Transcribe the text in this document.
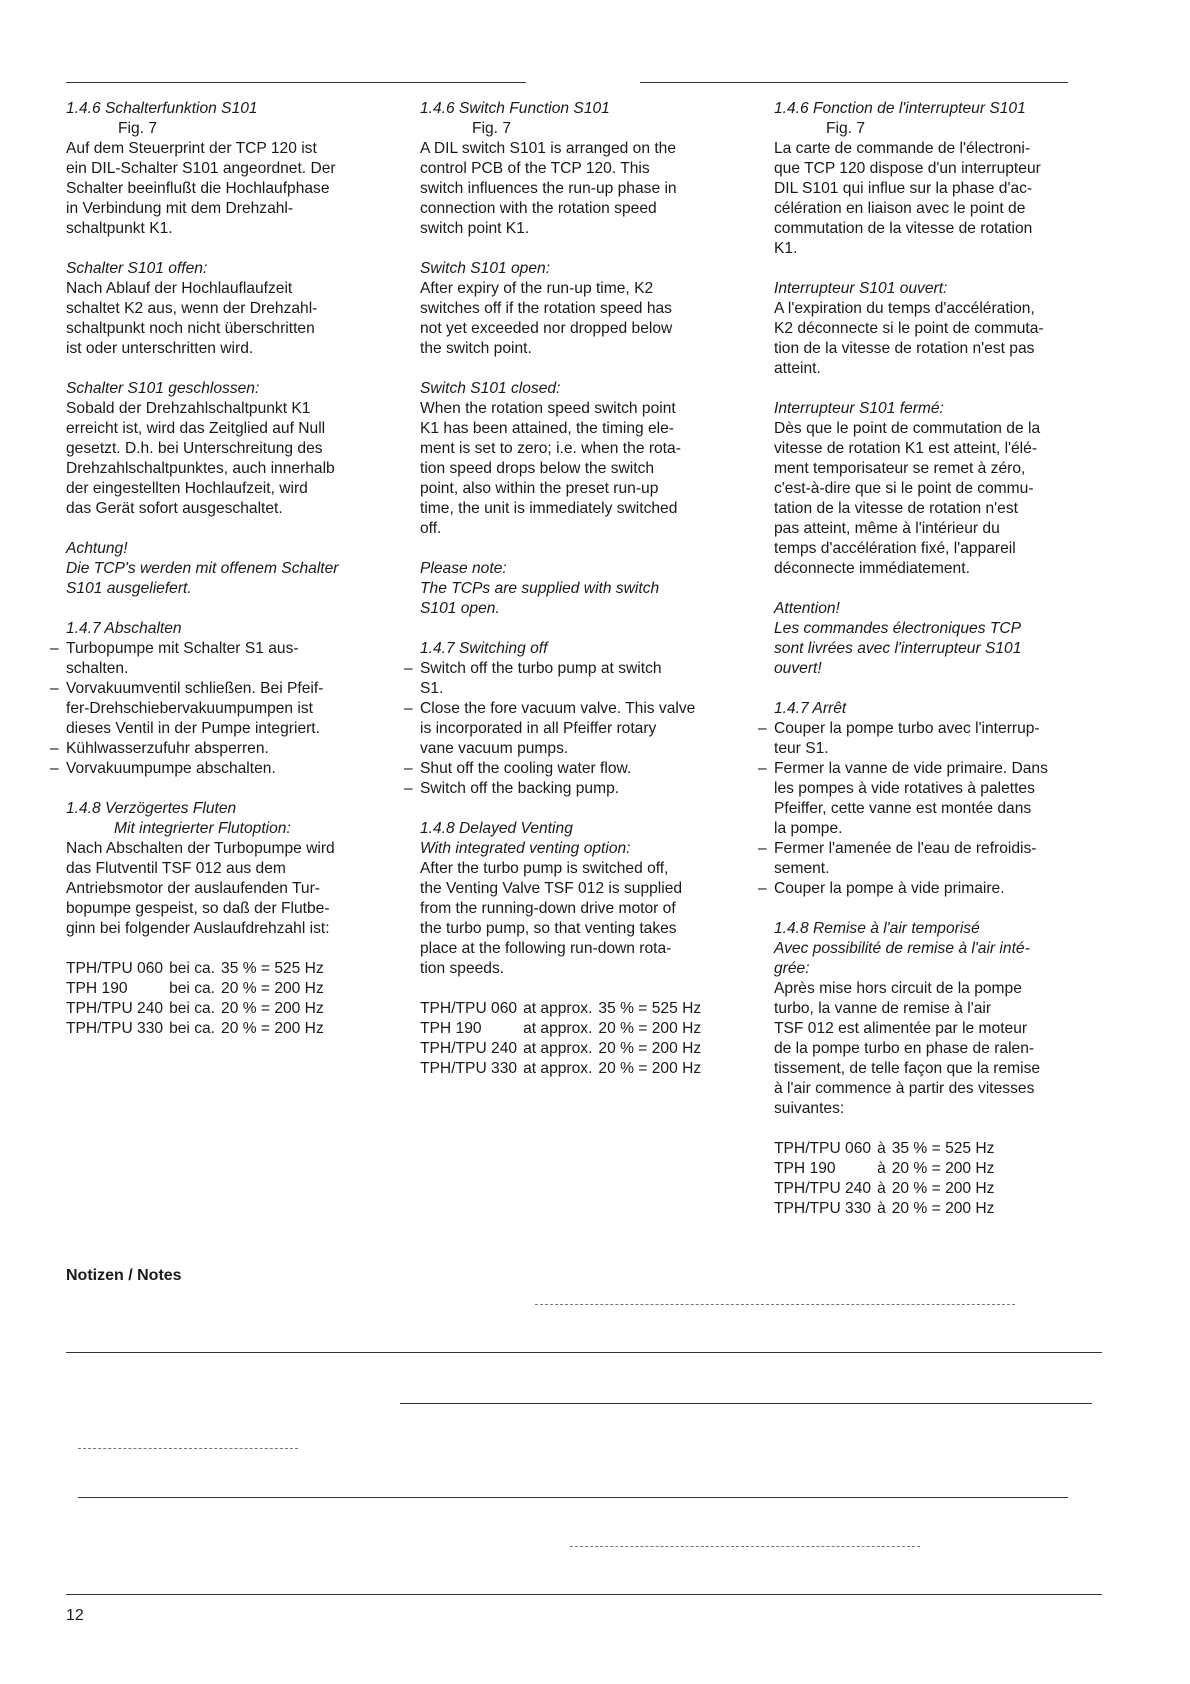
1.4.6 Schalterfunktion S101

Fig. 7

Auf dem Steuerprint der TCP 120 ist

ein DIL-Schalter S101 angeordnet. Der

Schalter beeinflußt die Hochlaufphase

in Verbindung mit dem Drehzahl-

schaltpunkt K1.

Schalter S101 offen:

Nach Ablauf der Hochlauflaufzeit

schaltet K2 aus, wenn der Drehzahl-

schaltpunkt noch nicht überschritten

ist oder unterschritten wird.

Schalter S101 geschlossen:

Sobald der Drehzahlschaltpunkt K1

erreicht ist, wird das Zeitglied auf Null

gesetzt. D.h. bei Unterschreitung des

Drehzahlschaltpunktes, auch innerhalb

der eingestellten Hochlaufzeit, wird

das Gerät sofort ausgeschaltet.

Achtung!

Die TCP's werden mit offenem Schalter

S101 ausgeliefert.

1.4.7 Abschalten

– Turbopumpe mit Schalter S1 aus-
schalten.
– Vorvakuumventil schließen. Bei Pfeif-
fer-Drehschiebervakuumpumpen ist
dieses Ventil in der Pumpe integriert.
– Kühlwasserzufuhr absperren.
– Vorvakuumpumpe abschalten.

1.4.8 Verzögertes Fluten

Mit integrierter Flutoption:

Nach Abschalten der Turbopumpe wird

das Flutventil TSF 012 aus dem

Antriebsmotor der auslaufenden Tur-

bopumpe gespeist, so daß der Flutbe-

ginn bei folgender Auslaufdrehzahl ist:

TPH/TPU 060	bei ca.	35 % = 525 Hz
TPH 190	bei ca.	20 % = 200 Hz
TPH/TPU 240	bei ca.	20 % = 200 Hz
TPH/TPU 330	bei ca.	20 % = 200 Hz

1.4.6 Switch Function S101

Fig. 7

A DIL switch S101 is arranged on the

control PCB of the TCP 120. This

switch influences the run-up phase in

connection with the rotation speed

switch point K1.

Switch S101 open:

After expiry of the run-up time, K2

switches off if the rotation speed has

not yet exceeded nor dropped below

the switch point.

Switch S101 closed:

When the rotation speed switch point

K1 has been attained, the timing ele-

ment is set to zero; i.e. when the rota-

tion speed drops below the switch

point, also within the preset run-up

time, the unit is immediately switched

off.

Please note:

The TCPs are supplied with switch

S101 open.

1.4.7 Switching off

– Switch off the turbo pump at switch
S1.
– Close the fore vacuum valve. This valve
is incorporated in all Pfeiffer rotary
vane vacuum pumps.
– Shut off the cooling water flow.
– Switch off the backing pump.

1.4.8 Delayed Venting

With integrated venting option:

After the turbo pump is switched off,

the Venting Valve TSF 012 is supplied

from the running-down drive motor of

the turbo pump, so that venting takes

place at the following run-down rota-

tion speeds.

TPH/TPU 060	at approx.	35 % = 525 Hz
TPH 190	at approx.	20 % = 200 Hz
TPH/TPU 240	at approx.	20 % = 200 Hz
TPH/TPU 330	at approx.	20 % = 200 Hz

1.4.6 Fonction de l'interrupteur S101

Fig. 7

La carte de commande de l'électroni-

que TCP 120 dispose d'un interrupteur

DIL S101 qui influe sur la phase d'ac-

célération en liaison avec le point de

commutation de la vitesse de rotation

K1.

Interrupteur S101 ouvert:

A l'expiration du temps d'accélération,

K2 déconnecte si le point de commuta-

tion de la vitesse de rotation n'est pas

atteint.

Interrupteur S101 fermé:

Dès que le point de commutation de la

vitesse de rotation K1 est atteint, l'élé-

ment temporisateur se remet à zéro,

c'est-à-dire que si le point de commu-

tation de la vitesse de rotation n'est

pas atteint, même à l'intérieur du

temps d'accélération fixé, l'appareil

déconnecte immédiatement.

Attention!

Les commandes électroniques TCP

sont livrées avec l'interrupteur S101

ouvert!

1.4.7 Arrêt

– Couper la pompe turbo avec l'interrup-
teur S1.
– Fermer la vanne de vide primaire. Dans
les pompes à vide rotatives à palettes
Pfeiffer, cette vanne est montée dans
la pompe.
– Fermer l'amenée de l'eau de refroidis-
sement.
– Couper la pompe à vide primaire.

1.4.8 Remise à l'air temporisé

Avec possibilité de remise à l'air inté-

grée:

Après mise hors circuit de la pompe

turbo, la vanne de remise à l'air

TSF 012 est alimentée par le moteur

de la pompe turbo en phase de ralen-

tissement, de telle façon que la remise

à l'air commence à partir des vitesses

suivantes:

TPH/TPU 060	à	35 % = 525 Hz
TPH 190	à	20 % = 200 Hz
TPH/TPU 240	à	20 % = 200 Hz
TPH/TPU 330	à	20 % = 200 Hz
Notizen / Notes
12
